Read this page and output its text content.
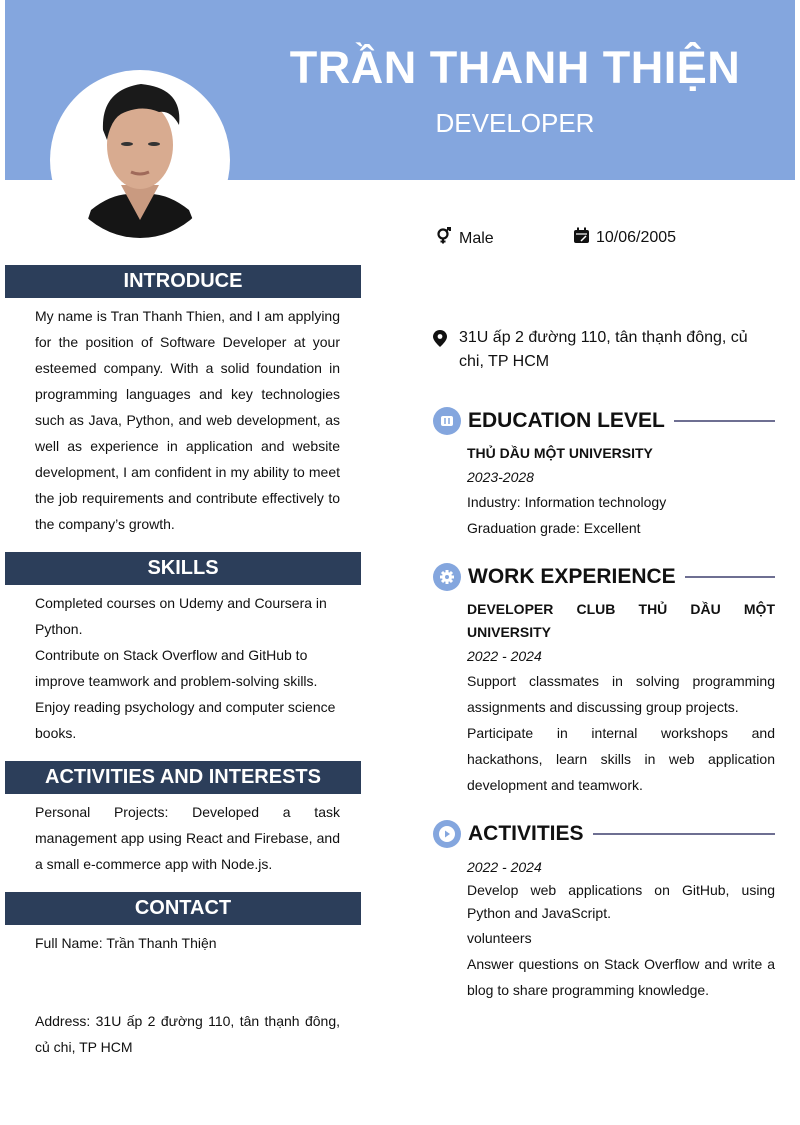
TRẦN THANH THIỆN
DEVELOPER
INTRODUCE
My name is Tran Thanh Thien, and I am applying for the position of Software Developer at your esteemed company. With a solid foundation in programming languages and key technologies such as Java, Python, and web development, as well as experience in application and website development, I am confident in my ability to meet the job requirements and contribute effectively to the company’s growth.
SKILLS

Completed courses on Udemy and Coursera in Python.

Contribute on Stack Overflow and GitHub to improve teamwork and problem-solving skills.

Enjoy reading psychology and computer science books.

ACTIVITIES AND INTERESTS
Personal Projects: Developed a task management app using React and Firebase, and a small e-commerce app with Node.js.
CONTACT
Full Name: Trần Thanh Thiện
Address: 31U ấp 2 đường 110, tân thạnh đông, củ chi, TP HCM
Male	10/06/2005
31U ấp 2 đường 110, tân thạnh đông, củ chi, TP HCM
EDUCATION LEVEL
THỦ DẦU MỘT UNIVERSITY
2023-2028
Industry: Information technology
Graduation grade: Excellent
WORK EXPERIENCE
DEVELOPER CLUB THỦ DẦU MỘT UNIVERSITY
2022 - 2024
Support classmates in solving programming assignments and discussing group projects.
Participate in internal workshops and hackathons, learn skills in web application development and teamwork.
ACTIVITIES
2022 - 2024
Develop web applications on GitHub, using Python and JavaScript.
volunteers
Answer questions on Stack Overflow and write a blog to share programming knowledge.
